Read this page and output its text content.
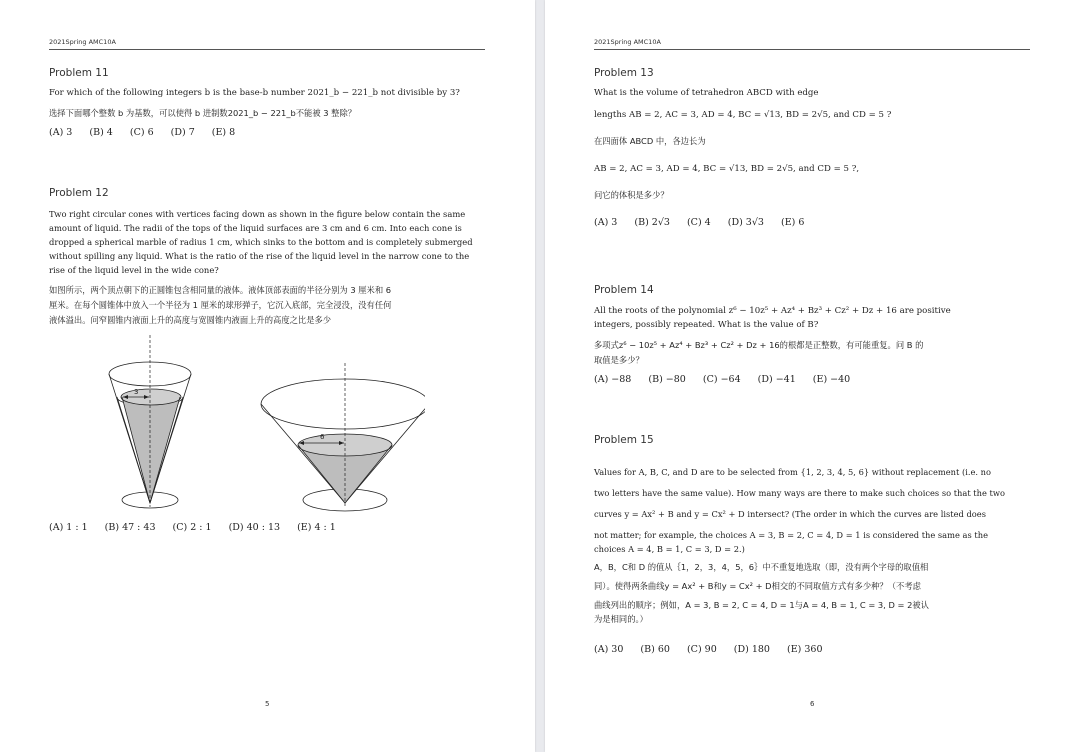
2021Spring AMC10A
Problem 11
For which of the following integers b is the base-b number 2021_b − 221_b not divisible by 3?
选择下面哪个整数 b 为基数，可以使得 b 进制数2021_b − 221_b不能被 3 整除？
(A) 3 (B) 4 (C) 6 (D) 7 (E) 8
Problem 12
Two right circular cones with vertices facing down as shown in the figure below contain the same
amount of liquid. The radii of the tops of the liquid surfaces are 3 cm and 6 cm. Into each cone is
dropped a spherical marble of radius 1 cm, which sinks to the bottom and is completely submerged
without spilling any liquid. What is the ratio of the rise of the liquid level in the narrow cone to the
rise of the liquid level in the wide cone?
如图所示，两个顶点朝下的正圆锥包含相同量的液体。液体顶部表面的半径分别为 3 厘米和 6
厘米。在每个圆锥体中放入一个半径为 1 厘米的球形弹子，它沉入底部，完全浸没，没有任何
液体溢出。问窄圆锥内液面上升的高度与宽圆锥内液面上升的高度之比是多少
3
6
(A) 1 : 1 (B) 47 : 43 (C) 2 : 1 (D) 40 : 13 (E) 4 : 1
5
2021Spring AMC10A
Problem 13
What is the volume of tetrahedron ABCD with edge
lengths AB = 2, AC = 3, AD = 4, BC = √13, BD = 2√5, and CD = 5 ?
在四面体 ABCD 中，各边长为
AB = 2, AC = 3, AD = 4, BC = √13, BD = 2√5, and CD = 5 ?,
问它的体积是多少？
(A) 3 (B) 2√3 (C) 4 (D) 3√3 (E) 6
Problem 14
All the roots of the polynomial z⁶ − 10z⁵ + Az⁴ + Bz³ + Cz² + Dz + 16 are positive
integers, possibly repeated. What is the value of B?
多项式z⁶ − 10z⁵ + Az⁴ + Bz³ + Cz² + Dz + 16的根都是正整数，有可能重复。问 B 的
取值是多少？
(A) −88 (B) −80 (C) −64 (D) −41 (E) −40
Problem 15
Values for A, B, C, and D are to be selected from {1, 2, 3, 4, 5, 6} without replacement (i.e. no
two letters have the same value). How many ways are there to make such choices so that the two
curves y = Ax² + B and y = Cx² + D intersect? (The order in which the curves are listed does
not matter; for example, the choices A = 3, B = 2, C = 4, D = 1 is considered the same as the
choices A = 4, B = 1, C = 3, D = 2.)
A，B，C和 D 的值从｛1，2，3，4，5，6｝中不重复地选取（即，没有两个字母的取值相
同）。使得两条曲线y = Ax² + B和y = Cx² + D相交的不同取值方式有多少种？（不考虑
曲线列出的顺序；例如，A = 3, B = 2, C = 4, D = 1与A = 4, B = 1, C = 3, D = 2被认
为是相同的。）
(A) 30 (B) 60 (C) 90 (D) 180 (E) 360
6
